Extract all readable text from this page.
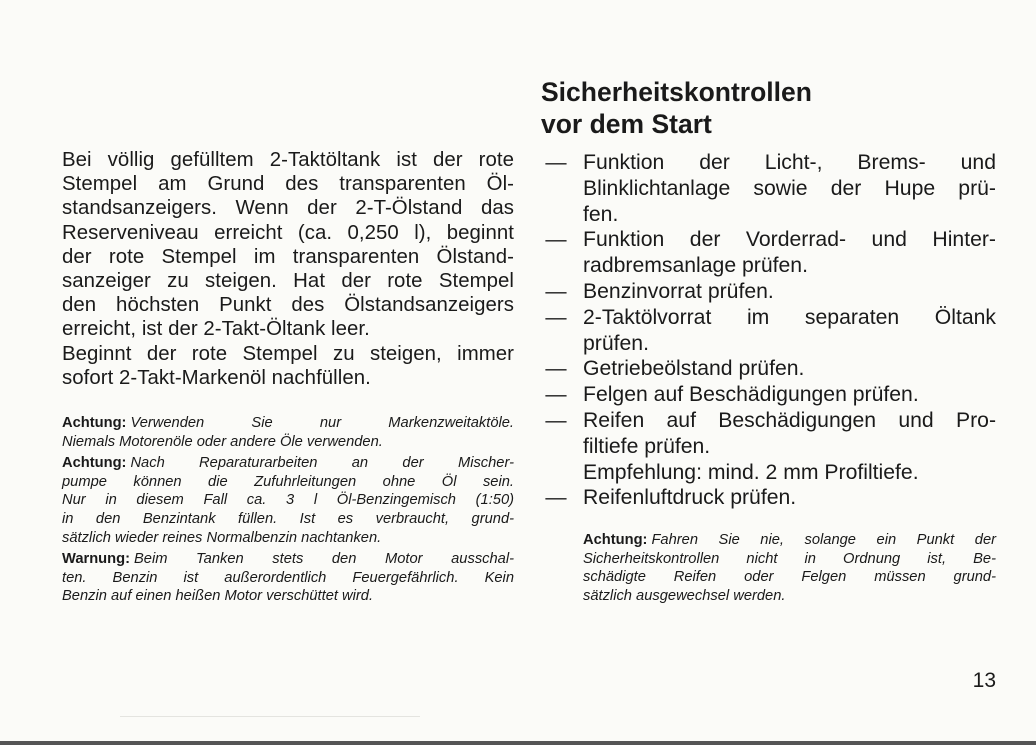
Bei völlig gefülltem 2-Taktöltank ist der rote
Stempel am Grund des transparenten Öl-
standsanzeigers. Wenn der 2-T-Ölstand das
Reserveniveau erreicht (ca. 0,250 l), beginnt
der rote Stempel im transparenten Ölstand-
sanzeiger zu steigen. Hat der rote Stempel
den höchsten Punkt des Ölstandsanzeigers
erreicht, ist der 2-Takt-Öltank leer.
Beginnt der rote Stempel zu steigen, immer
sofort 2-Takt-Markenöl nachfüllen.

Achtung: Verwenden Sie nur Markenzweitaktöle.
Niemals Motorenöle oder andere Öle verwenden.

Achtung: Nach Reparaturarbeiten an der Mischer-
pumpe können die Zufuhrleitungen ohne Öl sein.
Nur in diesem Fall ca. 3 l Öl-Benzingemisch (1:50)
in den Benzintank füllen. Ist es verbraucht, grund-
sätzlich wieder reines Normalbenzin nachtanken.

Warnung: Beim Tanken stets den Motor ausschal-
ten. Benzin ist außerordentlich Feuergefährlich. Kein
Benzin auf einen heißen Motor verschüttet wird.

Sicherheitskontrollen
vor dem Start
— Funktion der Licht-, Brems- und
Blinklichtanlage sowie der Hupe prü-
fen.
— Funktion der Vorderrad- und Hinter-
radbremsanlage prüfen.
— Benzinvorrat prüfen.
— 2-Taktölvorrat im separaten Öltank
prüfen.
— Getriebeölstand prüfen.
— Felgen auf Beschädigungen prüfen.
— Reifen auf Beschädigungen und Pro-
filtiefe prüfen.
Empfehlung: mind. 2 mm Profiltiefe.
— Reifenluftdruck prüfen.

Achtung: Fahren Sie nie, solange ein Punkt der
Sicherheitskontrollen nicht in Ordnung ist, Be-
schädigte Reifen oder Felgen müssen grund-
sätzlich ausgewechsel werden.

13
